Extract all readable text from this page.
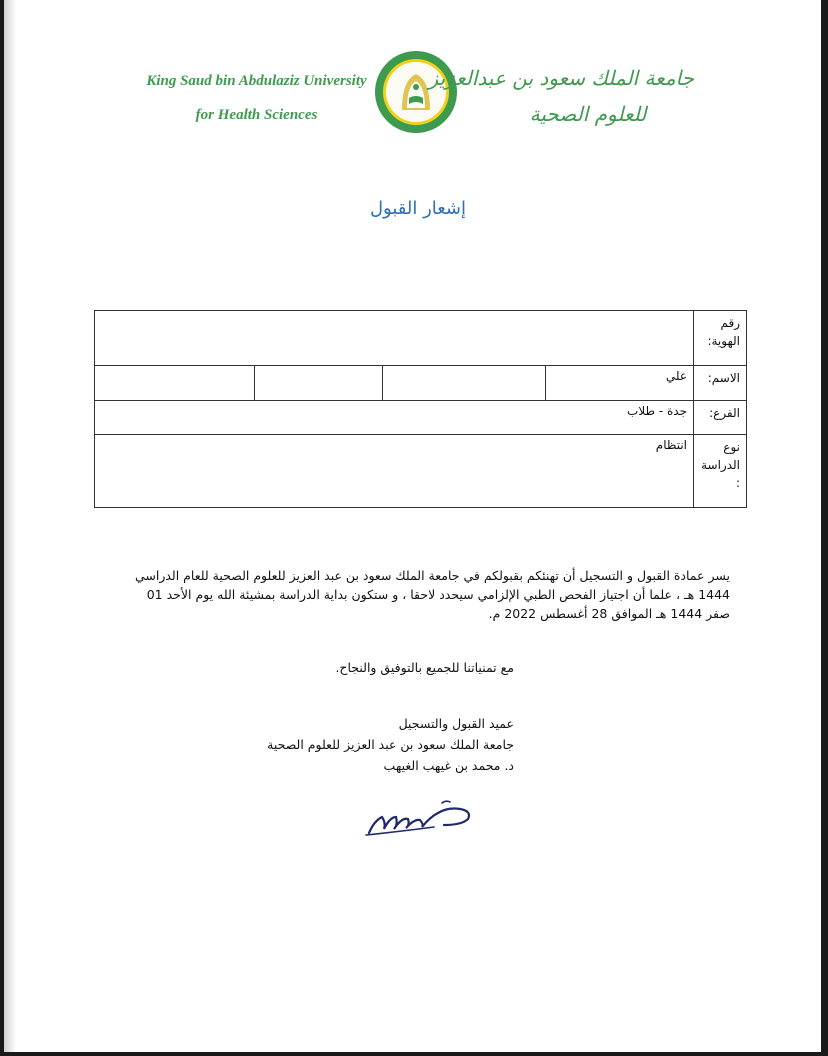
King Saud bin Abdulaziz University
for Health Sciences
جامعة الملك سعود بن عبدالعزيز
للعلوم الصحية
إشعار القبول
رقم الهوية:				
الاسم:	علي			
الفرع:	جدة - طلاب			
نوع الدراسة :	انتظام			
يسر عمادة القبول و التسجيل أن تهنئكم بقبولكم في جامعة الملك سعود بن عبد العزيز للعلوم الصحية للعام الدراسي 1444 هـ ، علما أن اجتياز الفحص الطبي الإلزامي سيحدد لاحقا ، و ستكون بداية الدراسة بمشيئة الله يوم الأحد 01 صفر 1444 هـ الموافق 28 أغسطس 2022 م.
مع تمنياتنا للجميع بالتوفيق والنجاح.
عميد القبول والتسجيل
جامعة الملك سعود بن عبد العزيز للعلوم الصحية
د. محمد بن غيهب الغيهب
